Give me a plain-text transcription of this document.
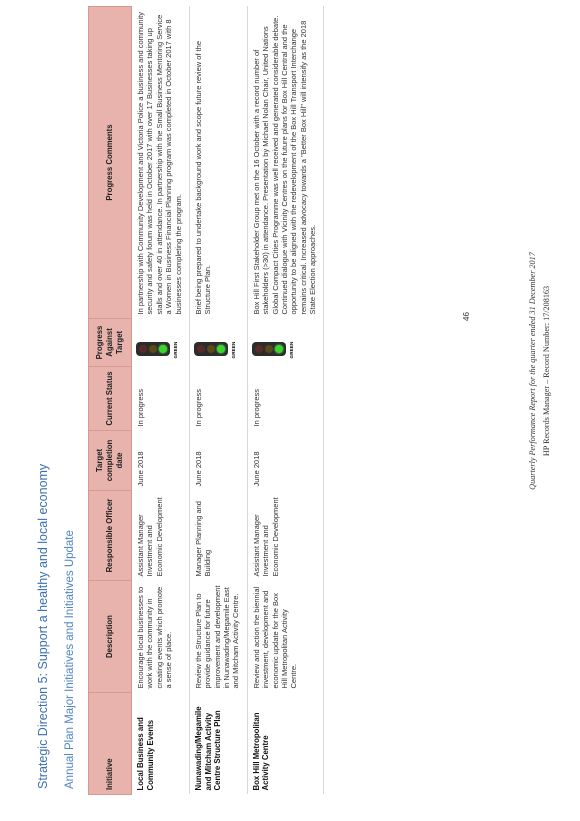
Strategic Direction 5: Support a healthy and local economy Annual Plan Major Initiatives and Initiatives Update	Initiative	Description	Responsible Officer	Target completion date	Current Status	Progress Against Target	Progress Comments
Local Business and Community Events	Encourage local businesses to work with the community in creating events which promote a sense of place.	Assistant Manager Investment and Economic Development	June 2018	In progress	GREEN	In partnership with Community Development and Victoria Police a business and community security and safety forum was held in October 2017 with over 17 Businesses taking up stalls and over 40 in attendance. In partnership with the Small Business Mentoring Service a Women in Business Financial Planning program was completed in October 2017 with 8 businesses completing the program.
Nunawading/Megamile and Mitcham Activity Centre Structure Plan	Review the Structure Plan to provide guidance for future improvement and development in Nunawading/Megamile East and Mitcham Activity Centre.	Manager Planning and Building	June 2018	In progress	GREEN	Brief being prepared to undertake background work and scope future review of the Structure Plan.
Box Hill Metropolitan Activity Centre	Review and action the biennial investment, development and economic update for the Box Hill Metropolitan Activity Centre.	Assistant Manager Investment and Economic Development	June 2018	In progress	GREEN	Box Hill First Stakeholder Group met on the 16 October with a record number of stakeholders (>30) in attendance. Presentation by Michael Nolan Chair, United Nations Global Compact Cities Programme was well received and generated considerable debate. Continued dialogue with Vicinity Centres on the future plans for Box Hill Central and the opportunity to be aligned with the redevelopment of the Box Hill Transport Interchange remains critical. Increased advocacy towards a "Better Box Hill" will intensify as the 2018 State Election approaches.
46	Quarterly Performance Report for the quarter ended 31 December 2017 HP Records Manager – Record Number: 17/208163
